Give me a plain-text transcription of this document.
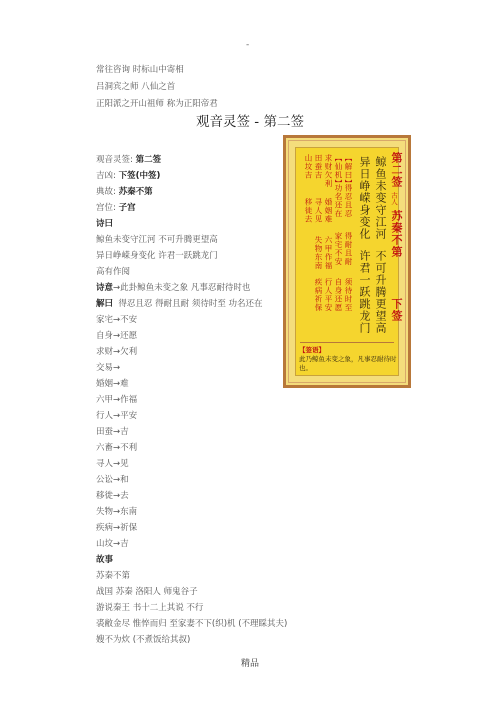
-
常往咨询 时标山中寄相
吕洞宾之师 八仙之首
正阳派之开山祖师 称为正阳帝君
观音灵签 - 第二签
观音灵签: 第二签
吉凶: 下签(中签)
典故: 苏秦不第
宫位: 子宫
诗曰
鲸鱼未变守江河 不可升腾更望高
异日峥嵘身变化 许君一跃跳龙门
高有作阅
诗意→此卦鲸鱼未变之象 凡事忍耐待时也
解曰 得忍且忍 得耐且耐 须待时至 功名还在
家宅→不安
自身→还愿
求财→欠利
交易→
婚姻→难
六甲→作福
行人→平安
田蚕→吉
六畜→不利
寻人→见
公讼→和
移徙→去
失物→东南
疾病→祈保
山坟→吉
故事
苏秦不第
战国 苏秦 洛阳人 师鬼谷子
游说秦王 书十二上其说 不行
裘敝金尽 惟悴而归 至家妻不下(织)机 (不理睬其夫)
嫂不为炊 (不煮饭给其叔)
精品
第二签
古人
苏秦不第
下签
鲸鱼未变守江河
不可升腾更望高
异日峥嵘身变化
许君一跃跳龙门
【解曰】
得忍且忍
得耐且耐
须待时至
【仙机】
功名还在
家宅不安
自身还愿
求财欠利
婚姻难
六甲作福
行人平安
田蚕吉
寻人见
失物东南
疾病祈保
山坟吉
移徙去
【签语】
此乃鲸鱼未变之象，凡事忍耐待时也。
